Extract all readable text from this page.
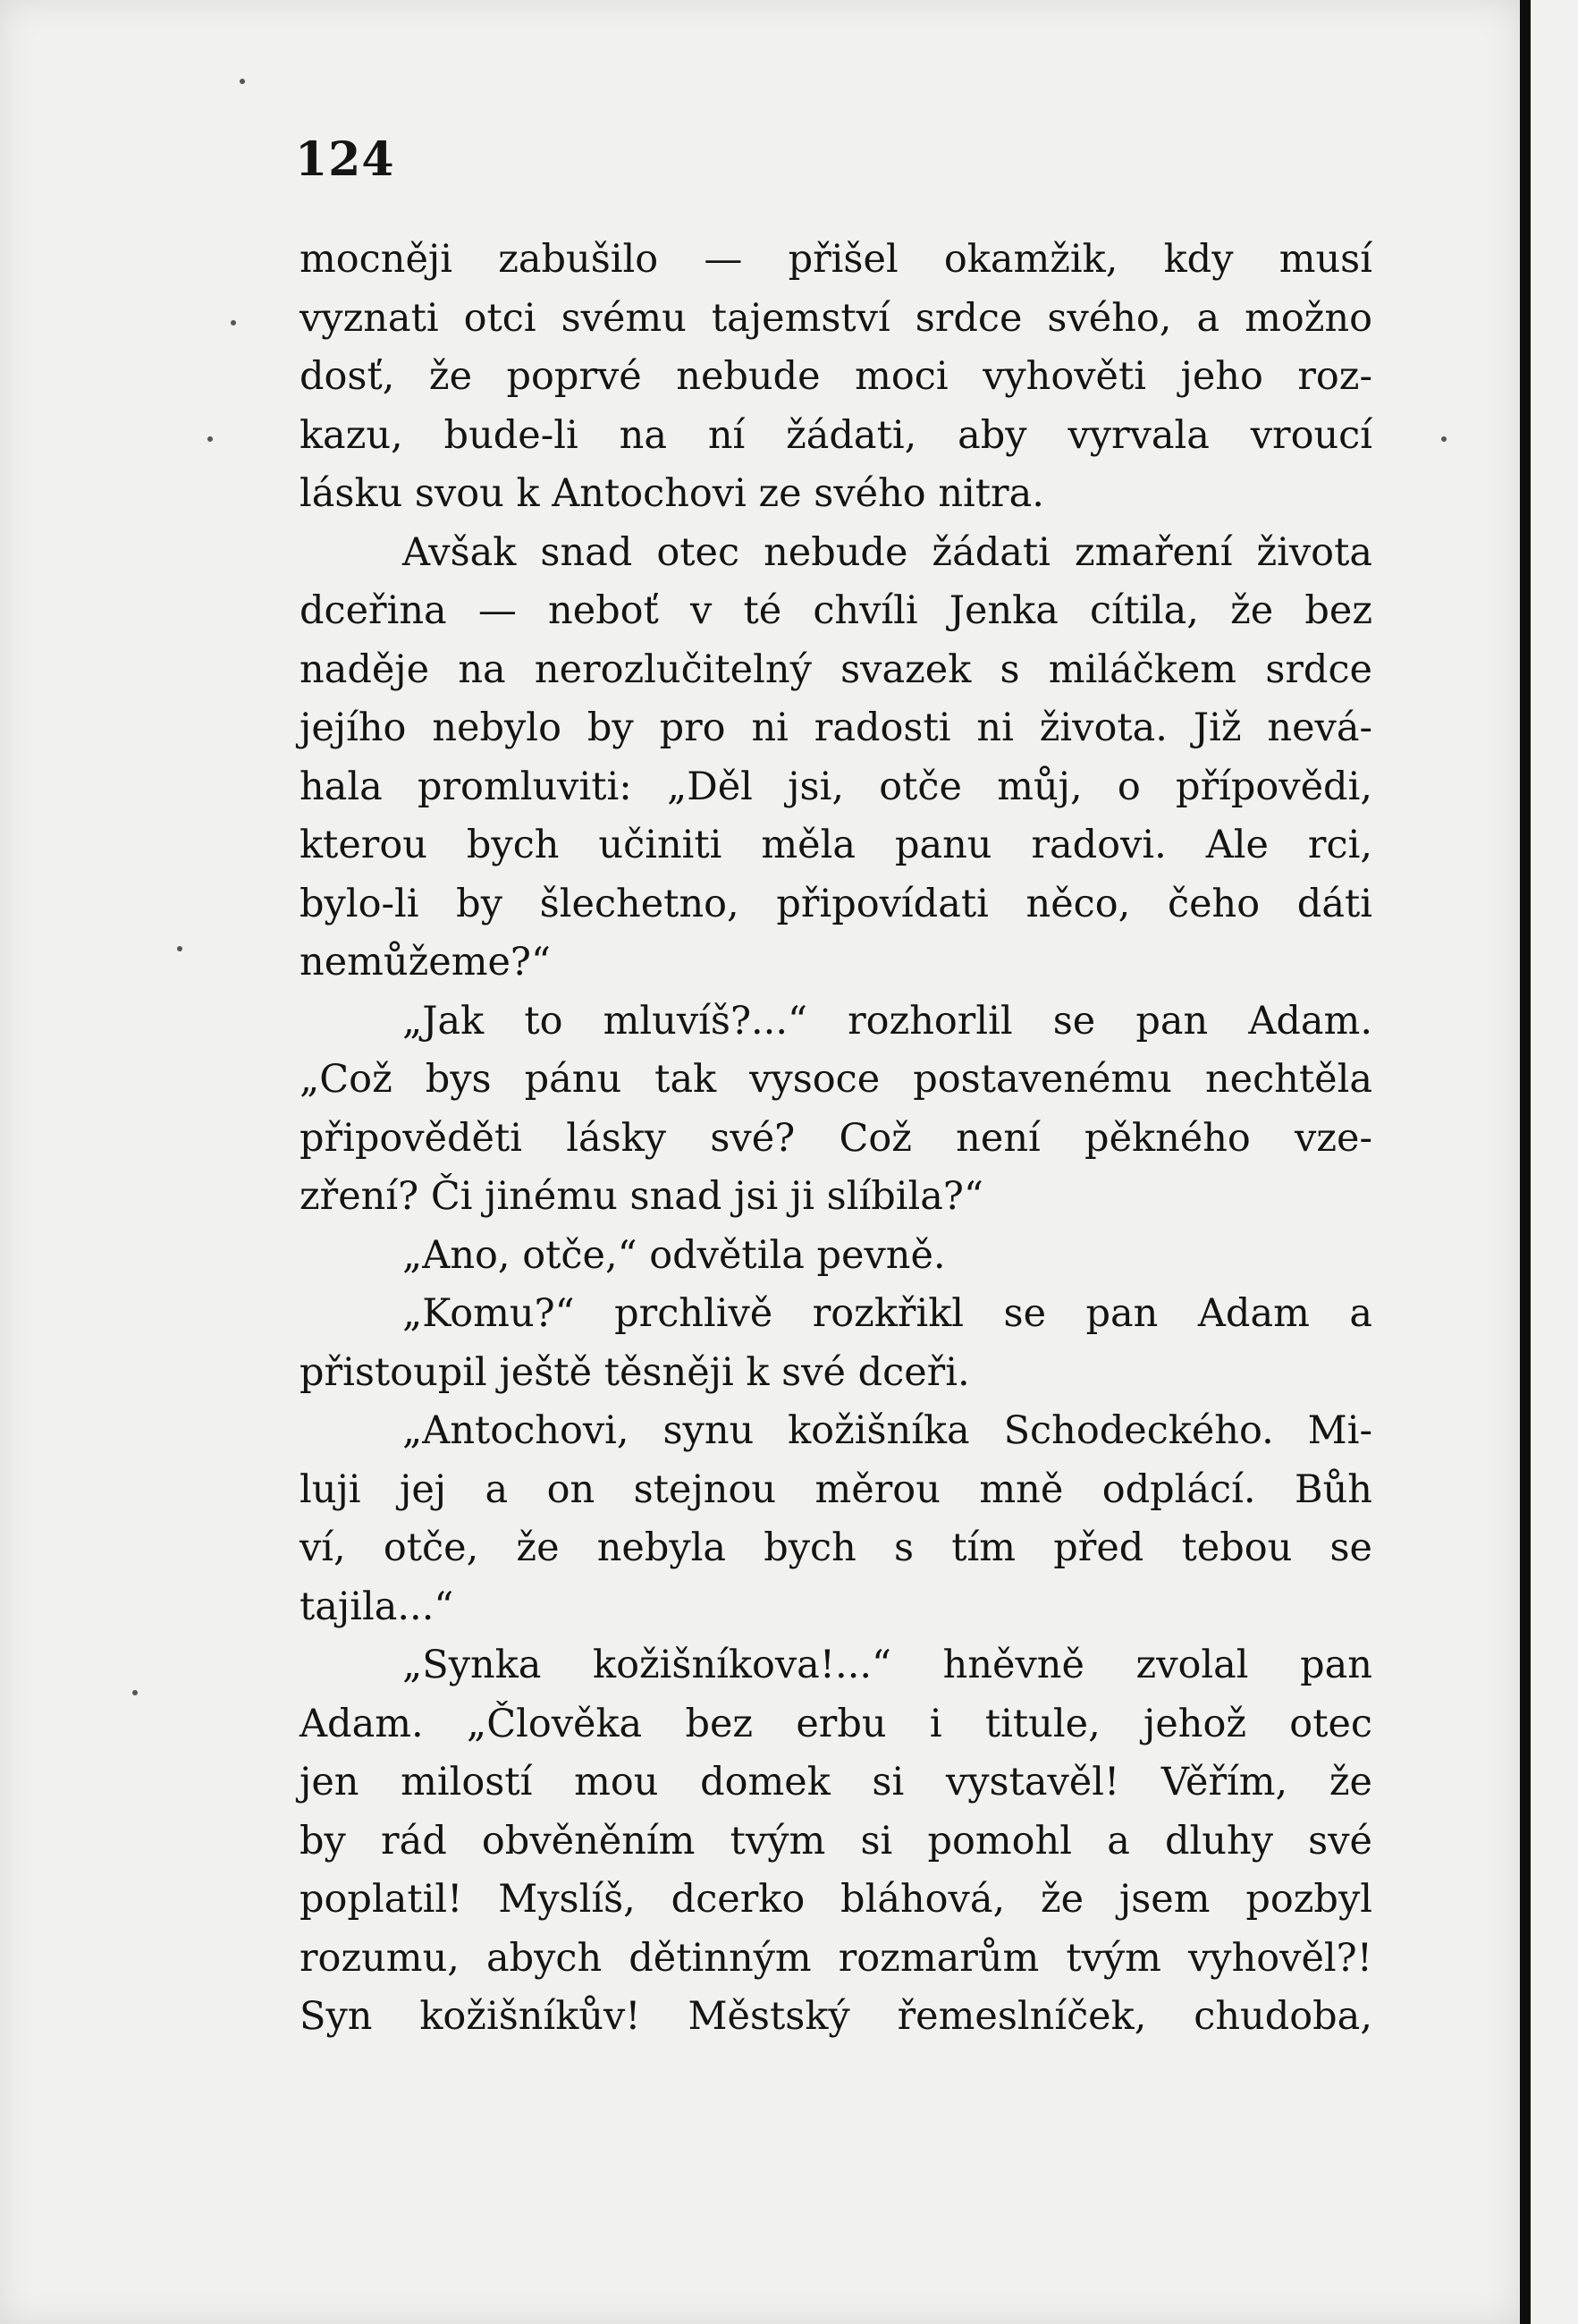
124
mocněji zabušilo — přišel okamžik, kdy musí
vyznati otci svému tajemství srdce svého, a možno
dosť, že poprvé nebude moci vyhověti jeho roz-
kazu, bude-li na ní žádati, aby vyrvala vroucí
lásku svou k Antochovi ze svého nitra.
Avšak snad otec nebude žádati zmaření života
dceřina — neboť v té chvíli Jenka cítila, že bez
naděje na nerozlučitelný svazek s miláčkem srdce
jejího nebylo by pro ni radosti ni života. Již nevá-
hala promluviti: „Děl jsi, otče můj, o přípovědi,
kterou bych učiniti měla panu radovi. Ale rci,
bylo-li by šlechetno, připovídati něco, čeho dáti
nemůžeme?“
„Jak to mluvíš?...“ rozhorlil se pan Adam.
„Což bys pánu tak vysoce postavenému nechtěla
připověděti lásky své? Což není pěkného vze-
zření? Či jinému snad jsi ji slíbila?“
„Ano, otče,“ odvětila pevně.
„Komu?“ prchlivě rozkřikl se pan Adam a
přistoupil ještě těsněji k své dceři.
„Antochovi, synu kožišníka Schodeckého. Mi-
luji jej a on stejnou měrou mně odplácí. Bůh
ví, otče, že nebyla bych s tím před tebou se
tajila...“
„Synka kožišníkova!...“ hněvně zvolal pan
Adam. „Člověka bez erbu i titule, jehož otec
jen milostí mou domek si vystavěl! Věřím, že
by rád obvěněním tvým si pomohl a dluhy své
poplatil! Myslíš, dcerko bláhová, že jsem pozbyl
rozumu, abych dětinným rozmarům tvým vyhověl?!
Syn kožišníkův! Městský řemeslníček, chudoba,
